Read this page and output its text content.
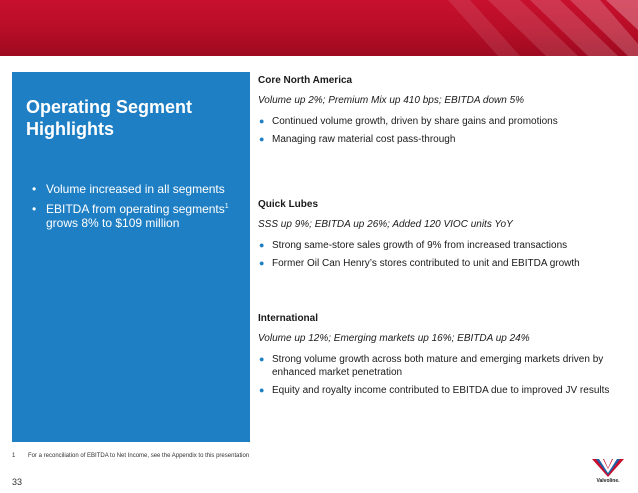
Operating Segment
Highlights
• Volume increased in all segments
• EBITDA from operating segments$^1$ grows 8% to $109 million
Core North America

Volume up 2%; Premium Mix up 410 bps; EBITDA down 5%

● Continued volume growth, driven by share gains and promotions
● Managing raw material cost pass-through
Quick Lubes

SSS up 9%; EBITDA up 26%; Added 120 VIOC units YoY

● Strong same-store sales growth of 9% from increased transactions
● Former Oil Can Henry’s stores contributed to unit and EBITDA growth
International

Volume up 12%; Emerging markets up 16%; EBITDA up 24%

● Strong volume growth across both mature and emerging markets driven by enhanced market penetration
● Equity and royalty income contributed to EBITDA due to improved JV results
1 For a reconciliation of EBITDA to Net Income, see the Appendix to this presentation
33	Valvoline.
